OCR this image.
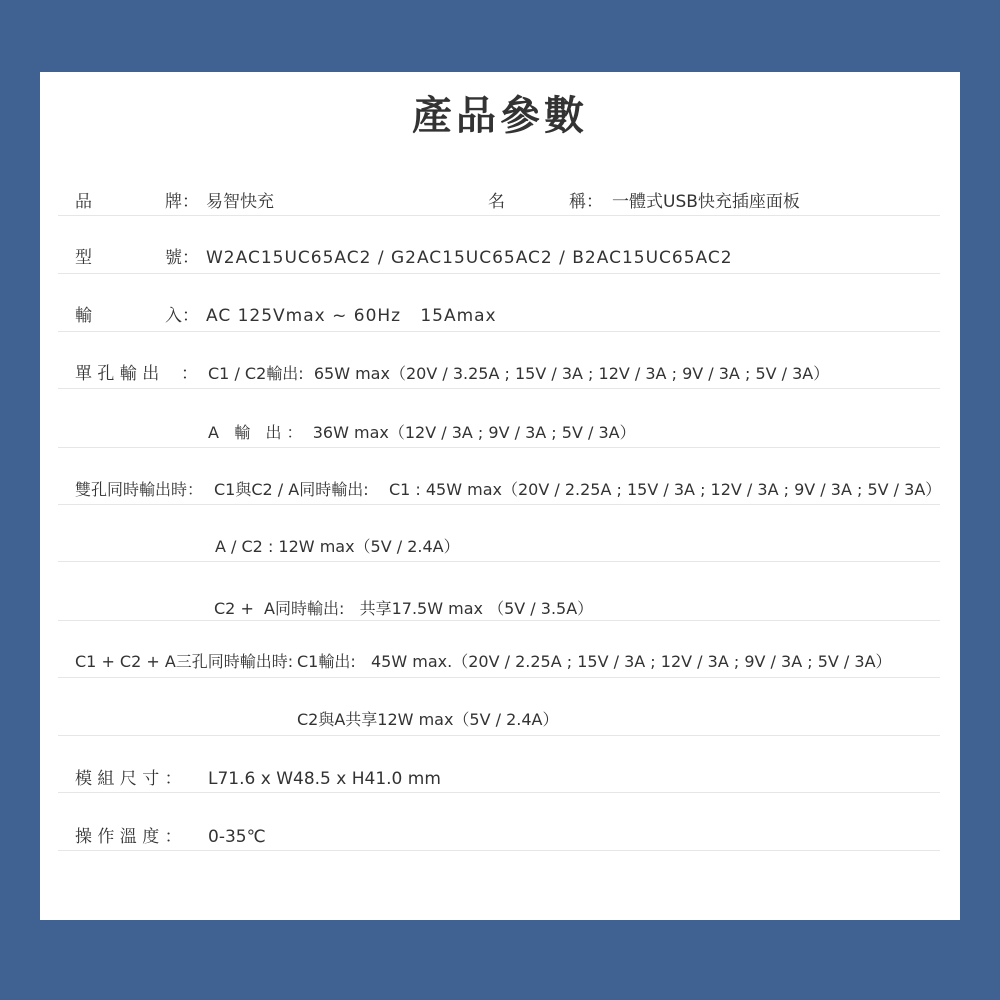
產品參數
品	牌： 易智快充	名	稱： 一體式USB快充插座面板
型	號： W2AC15UC65AC2 / G2AC15UC65AC2 / B2AC15UC65AC2
輸	入： AC 125Vmax ~ 60Hz   15Amax
單 孔 輸 出 ： C1 / C2輸出:  65W max（20V / 3.25A ; 15V / 3A ; 12V / 3A ; 9V / 3A ; 5V / 3A）
A   輸   出 ：  36W max（12V / 3A ; 9V / 3A ; 5V / 3A）
雙孔同時輸出時： C1與C2 / A同時輸出:    C1 : 45W max（20V / 2.25A ; 15V / 3A ; 12V / 3A ; 9V / 3A ; 5V / 3A）
A / C2 : 12W max（5V / 2.4A）
C2 +  A同時輸出:   共享17.5W max （5V / 3.5A）
C1 + C2 + A三孔同時輸出時: C1輸出:   45W max.（20V / 2.25A ; 15V / 3A ; 12V / 3A ; 9V / 3A ; 5V / 3A）
C2與A共享12W max（5V / 2.4A）
模 組 尺 寸 ： L71.6 x W48.5 x H41.0 mm
操 作 溫 度 ： 0-35℃
